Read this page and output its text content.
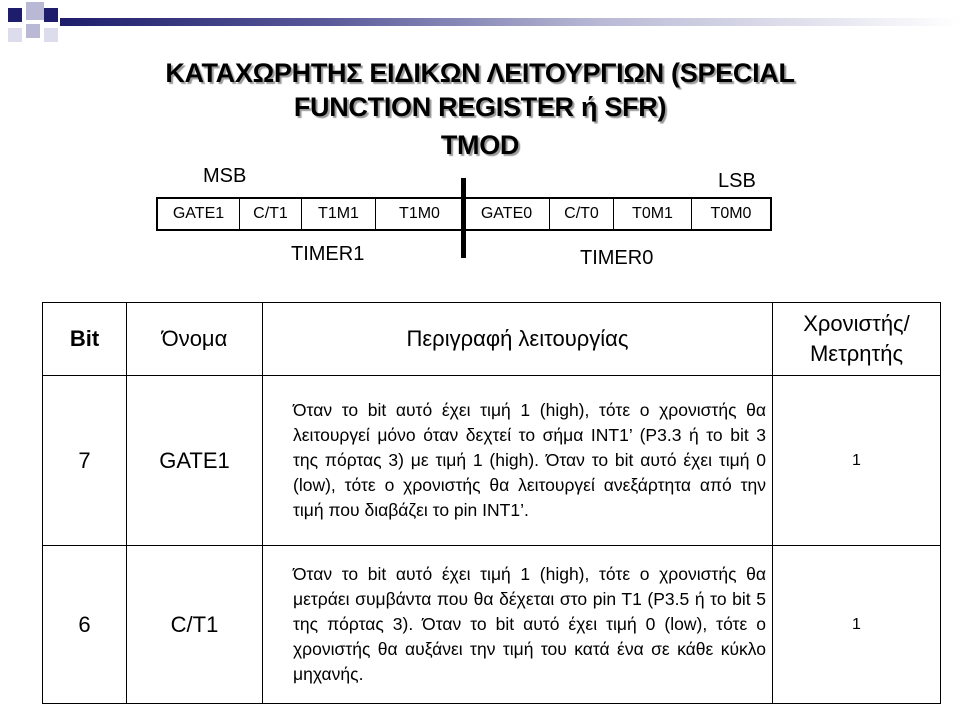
ΚΑΤΑΧΩΡΗΤΗΣ ΕΙΔΙΚΩΝ ΛΕΙΤΟΥΡΓΙΩΝ (SPECIAL
FUNCTION REGISTER ή SFR)
TMOD
MSB	LSB
GATE1	C/T1	T1M1	T1M0	GATE0	C/T0	T0M1	T0M0
TIMER1	TIMER0
Bit	Όνομα	Περιγραφή λειτουργίας	Χρονιστής/
Μετρητής

7	GATE1	Όταν το bit αυτό έχει τιμή 1 (high), τότε ο χρονιστής θα λειτουργεί μόνο όταν δεχτεί το σήμα INT1’ (P3.3 ή το bit 3 της πόρτας 3) με τιμή 1 (high). Όταν το bit αυτό έχει τιμή 0 (low), τότε ο χρονιστής θα λειτουργεί ανεξάρτητα από την τιμή που διαβάζει το pin INT1’.	1
6	C/T1	Όταν το bit αυτό έχει τιμή 1 (high), τότε ο χρονιστής θα μετράει συμβάντα που θα δέχεται στο pin T1 (P3.5 ή το bit 5 της πόρτας 3). Όταν το bit αυτό έχει τιμή 0 (low), τότε ο χρονιστής θα αυξάνει την τιμή του κατά ένα σε κάθε κύκλο μηχανής.	1
